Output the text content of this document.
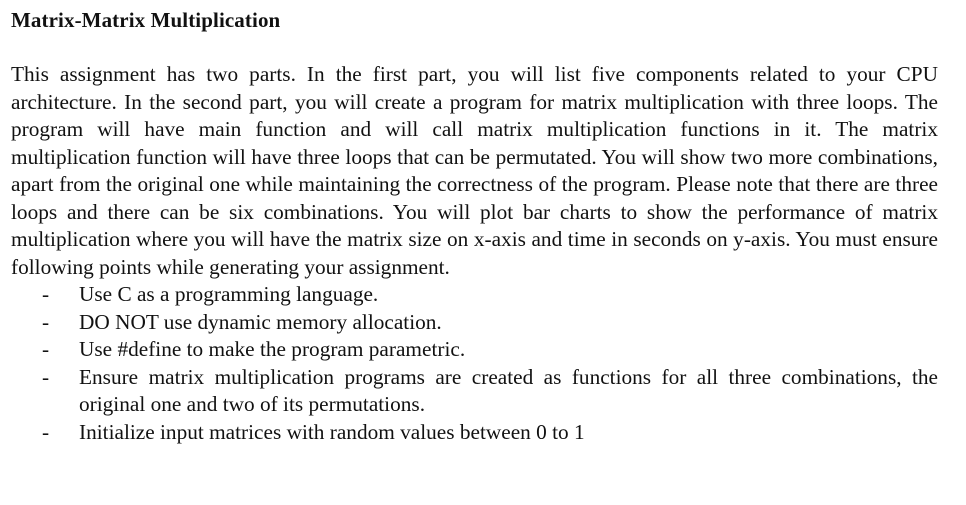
Matrix-Matrix Multiplication

This assignment has two parts. In the first part, you will list five components related to your CPU architecture. In the second part, you will create a program for matrix multiplication with three loops. The program will have main function and will call matrix multiplication functions in it. The matrix multiplication function will have three loops that can be permutated. You will show two more combinations, apart from the original one while maintaining the correctness of the program. Please note that there are three loops and there can be six combinations. You will plot bar charts to show the performance of matrix multiplication where you will have the matrix size on x-axis and time in seconds on y-axis. You must ensure following points while generating your assignment.

- Use C as a programming language.
- DO NOT use dynamic memory allocation.
- Use #define to make the program parametric.
- Ensure matrix multiplication programs are created as functions for all three combinations, the original one and two of its permutations.
- Initialize input matrices with random values between 0 to 1
